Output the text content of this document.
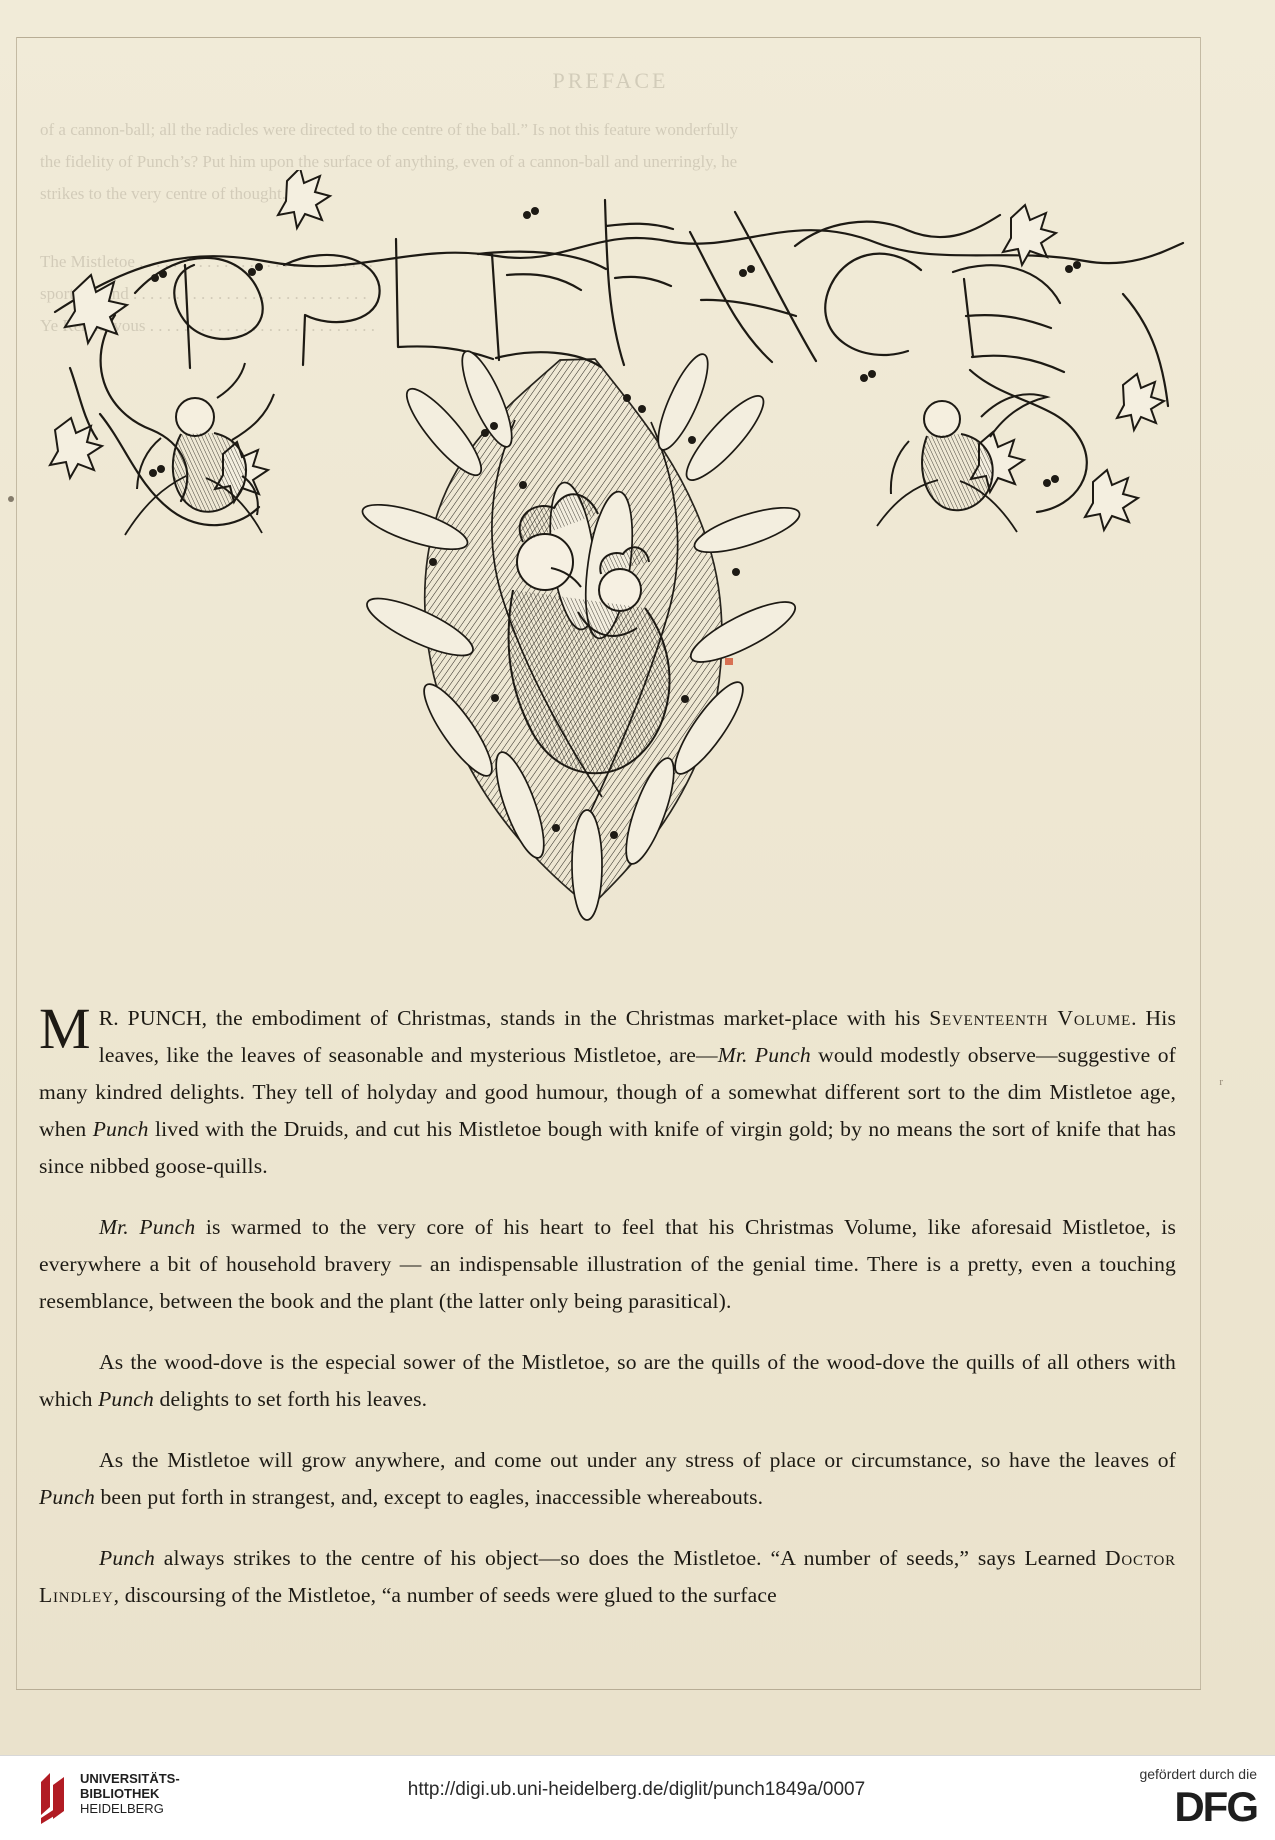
PREFACE
of a cannon-ball; all the radicles were directed to the centre of the ball.” Is not this feature wonderfully
the fidelity of Punch’s? Put him upon the surface of anything, even of a cannon-ball and unerringly, he
strikes to the very centre of thought.
The Mistletoe . . . . . . . . . . . . . . . . . . . . . . . . . . . .
sporting, and . . . . . . . . . . . . . . . . . . . . . . . . . . . .
Ye Rendezvous . . . . . . . . . . . . . . . . . . . . . . . . . . .
ʳ

M R. PUNCH, the embodiment of Christmas, stands in the Christmas market-place with his Seventeenth Volume. His leaves, like the leaves of seasonable and mysterious Mistletoe, are—Mr. Punch would modestly observe—suggestive of many kindred delights. They tell of holyday and good humour, though of a somewhat different sort to the dim Mistletoe age, when Punch lived with the Druids, and cut his Mistletoe bough with knife of virgin gold; by no means the sort of knife that has since nibbed goose-quills.

Mr. Punch is warmed to the very core of his heart to feel that his Christmas Volume, like aforesaid Mistletoe, is everywhere a bit of household bravery — an indispensable illustration of the genial time. There is a pretty, even a touching resemblance, between the book and the plant (the latter only being parasitical).

As the wood-dove is the especial sower of the Mistletoe, so are the quills of the wood-dove the quills of all others with which Punch delights to set forth his leaves.

As the Mistletoe will grow anywhere, and come out under any stress of place or circumstance, so have the leaves of Punch been put forth in strangest, and, except to eagles, inaccessible whereabouts.

Punch always strikes to the centre of his object—so does the Mistletoe. “A number of seeds,” says Learned Doctor Lindley, discoursing of the Mistletoe, “a number of seeds were glued to the surface

UNIVERSITÄTS-
BIBLIOTHEK
HEIDELBERG
http://digi.ub.uni-heidelberg.de/diglit/punch1849a/0007
gefördert durch die
DFG
